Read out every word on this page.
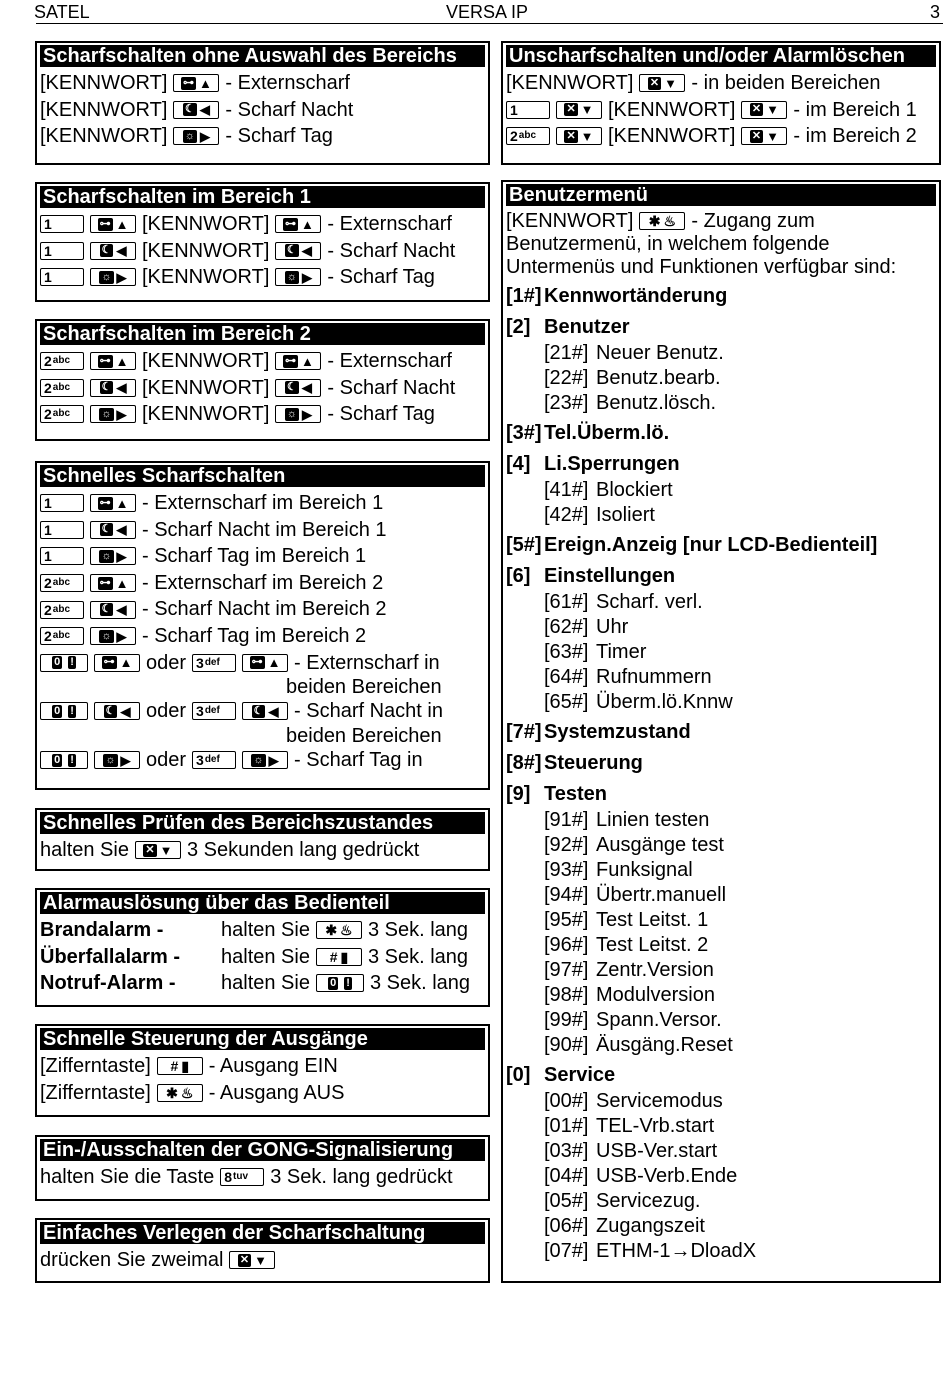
SATEL	VERSA IP	3
Scharfschalten ohne Auswahl des Bereichs
[KENNWORT] ⊶ ▲ - Externscharf
[KENNWORT] ☾ ◀ - Scharf Nacht
[KENNWORT] ☼ ▶ - Scharf Tag
Scharfschalten im Bereich 1
1	⊶ ▲ [KENNWORT] ⊶ ▲ - Externscharf
1	☾ ◀ [KENNWORT] ☾ ◀ - Scharf Nacht
1	☼ ▶ [KENNWORT] ☼ ▶ - Scharf Tag
Scharfschalten im Bereich 2
2 abc	⊶ ▲ [KENNWORT] ⊶ ▲ - Externscharf
2 abc	☾ ◀ [KENNWORT] ☾ ◀ - Scharf Nacht
2 abc	☼ ▶ [KENNWORT] ☼ ▶ - Scharf Tag
Schnelles Scharfschalten
1	⊶ ▲ - Externscharf im Bereich 1
1	☾ ◀ - Scharf Nacht im Bereich 1
1	☼ ▶ - Scharf Tag im Bereich 1
2 abc	⊶ ▲ - Externscharf im Bereich 2
2 abc	☾ ◀ - Scharf Nacht im Bereich 2
2 abc	☼ ▶ - Scharf Tag im Bereich 2
0 !	⊶ ▲ oder 3 def	⊶ ▲ - Externscharf in
beiden Bereichen
0 !	☾ ◀ oder 3 def	☾ ◀ - Scharf Nacht in
beiden Bereichen
0 !	☼ ▶ oder 3 def	☼ ▶ - Scharf Tag in
Schnelles Prüfen des Bereichszustandes
halten Sie ✕ ▼ 3 Sekunden lang gedrückt
Alarmauslösung über das Bedienteil
Brandalarm -	halten Sie ✱ ♨ 3 Sek. lang
Überfallalarm -	halten Sie # ▮ 3 Sek. lang
Notruf-Alarm -	halten Sie 0 ! 3 Sek. lang
Schnelle Steuerung der Ausgänge
[Zifferntaste] # ▮ - Ausgang EIN
[Zifferntaste] ✱ ♨ - Ausgang AUS
Ein-/Ausschalten der GONG-Signalisierung
halten Sie die Taste 8 tuv 3 Sek. lang gedrückt
Einfaches Verlegen der Scharfschaltung
drücken Sie zweimal ✕ ▼
Unscharfschalten und/oder Alarmlöschen
[KENNWORT] ✕ ▼ - in beiden Bereichen
1	✕ ▼ [KENNWORT] ✕ ▼ - im Bereich 1
2 abc	✕ ▼ [KENNWORT] ✕ ▼ - im Bereich 2
Benutzermenü
[KENNWORT] ✱ ♨ - Zugang zum
Benutzermenü, in welchem folgende
Untermenüs und Funktionen verfügbar sind:
[1#] Kennwortänderung
[2] Benutzer
[21#] Neuer Benutz.
[22#] Benutz.bearb.
[23#] Benutz.lösch.
[3#] Tel.Überm.lö.
[4] Li.Sperrungen
[41#] Blockiert
[42#] Isoliert
[5#] Ereign.Anzeig [nur LCD-Bedienteil]
[6] Einstellungen
[61#] Scharf. verl.
[62#] Uhr
[63#] Timer
[64#] Rufnummern
[65#] Überm.lö.Knnw
[7#] Systemzustand
[8#] Steuerung
[9] Testen
[91#] Linien testen
[92#] Ausgänge test
[93#] Funksignal
[94#] Übertr.manuell
[95#] Test Leitst. 1
[96#] Test Leitst. 2
[97#] Zentr.Version
[98#] Modulversion
[99#] Spann.Versor.
[90#] Äusgäng.Reset
[0] Service
[00#] Servicemodus
[01#] TEL-Vrb.start
[03#] USB-Ver.start
[04#] USB-Verb.Ende
[05#] Servicezug.
[06#] Zugangszeit
[07#] ETHM-1→DloadX
